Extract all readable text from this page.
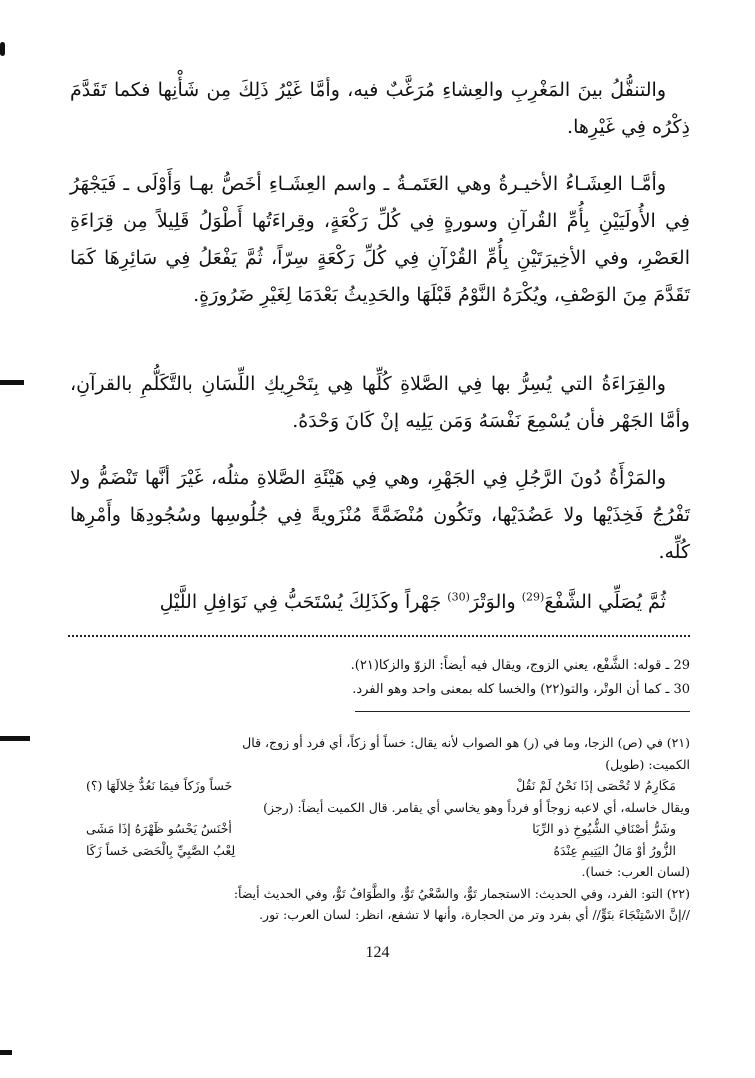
والتنفُّلُ بينَ المَغْرِبِ والعِشاءِ مُرَغَّبٌ فيه، وأمَّا غَيْرُ ذَلِكَ مِن شَأْنِها فكما تَقَدَّمَ ذِكْرُه فِي غَيْرِها.

وأمَّـا العِشَـاءُ الأخيـرةُ وهي العَتَمـةُ ـ واسم العِشَـاءِ أخَصُّ بهـا وَأَوْلَى ـ فَيَجْهَرُ فِي الأُولَيَيْنِ بِأُمِّ القُرآنِ وسورةٍ فِي كُلِّ رَكْعَةٍ، وقِراءَتُها أَطْوَلُ قَلِيلاً مِن قِرَاءَةِ العَصْرِ، وفي الأخِيرَتَيْنِ بِأُمِّ القُرْآنِ فِي كُلِّ رَكْعَةٍ سِرّاً، ثُمَّ يَفْعَلُ فِي سَائِرِهَا كَمَا تَقَدَّمَ مِنَ الوَصْفِ، ويُكْرَهُ النَّوْمُ قَبْلَهَا والحَدِيثُ بَعْدَمَا لِغَيْرِ ضَرُورَةٍ.

والقِرَاءَةُ التي يُسِرُّ بها فِي الصَّلاةِ كُلِّها هِي بِتَحْرِيكِ اللِّسَانِ بالتَّكَلُّمِ بالقرآنِ، وأمَّا الجَهْر فأن يُسْمِعَ نَفْسَهُ وَمَن يَلِيه إنْ كَانَ وَحْدَهُ.

والمَرْأَةُ دُونَ الرَّجُلِ فِي الجَهْرِ، وهي فِي هَيْئَةِ الصَّلاةِ مثلُه، غَيْرَ أنَّها تَنْضَمُّ ولا تَفْرُجُ فَخِذَيْها ولا عَضُدَيْها، وتَكُون مُنْضَمَّةً مُنْزَويةً فِي جُلُوسِها وسُجُودِهَا وأَمْرِها كُلِّه.

ثُمَّ يُصَلِّي الشَّفْعَ$^{(29)}$ والوَتْرَ$^{(30)}$ جَهْراً وكَذَلِكَ يُسْتَحَبُّ فِي نَوَافِلِ اللَّيْلِ

29 ـ قوله: الشَّفْع، يعني الزوج، ويقال فيه أيضاً: الزوّ والزكا(٢١).

30 ـ كما أن الوتْر، والتو(٢٢) والخسا كله بمعنى واحد وهو الفرد.

(٢١) في (ص) الزجا، وما في (ر) هو الصواب لأنه يقال: خساً أو زكاً، أي فرد أو زوج، قال

الكميت: (طويل)

مَكَارِمُ لا تُحْصَى إذَا نَحْنُ لَمْ نَقُلْ
خَساً وزَكاً فيمَا نَعُدُّ خِلالَهَا (؟)

ويقال خاسله، أي لاعبه زوجاً أو فرداً وهو يخاسي أي يقامر. قال الكميت أيضاً: (رجز)

وشَرُّ أصْنَافِ الشُّيُوخِ ذو الرِّيَا
أخْنَسُ يَحْسُو ظَهْرَهُ إذَا مَشَى
الزُّورُ أوْ مَالُ اليَتِيمِ عِنْدَهُ
لِعْبُ الصَّبِيِّ بِالْحَصَى خَساً زَكَا

(لسان العرب: خسا).

(٢٢) التو: الفرد، وفي الحديث: الاستجمار تَوٌّ، والسَّعْيُ تَوٌّ، والطَّوَافُ تَوٌّ، وفي الحديث أيضاً:

//إنَّ الاسْتِنْجَاءَ بتَوٍّ// أي بفرد وتر من الحجارة، وأنها لا تشفع، انظر: لسان العرب: تور.

124
